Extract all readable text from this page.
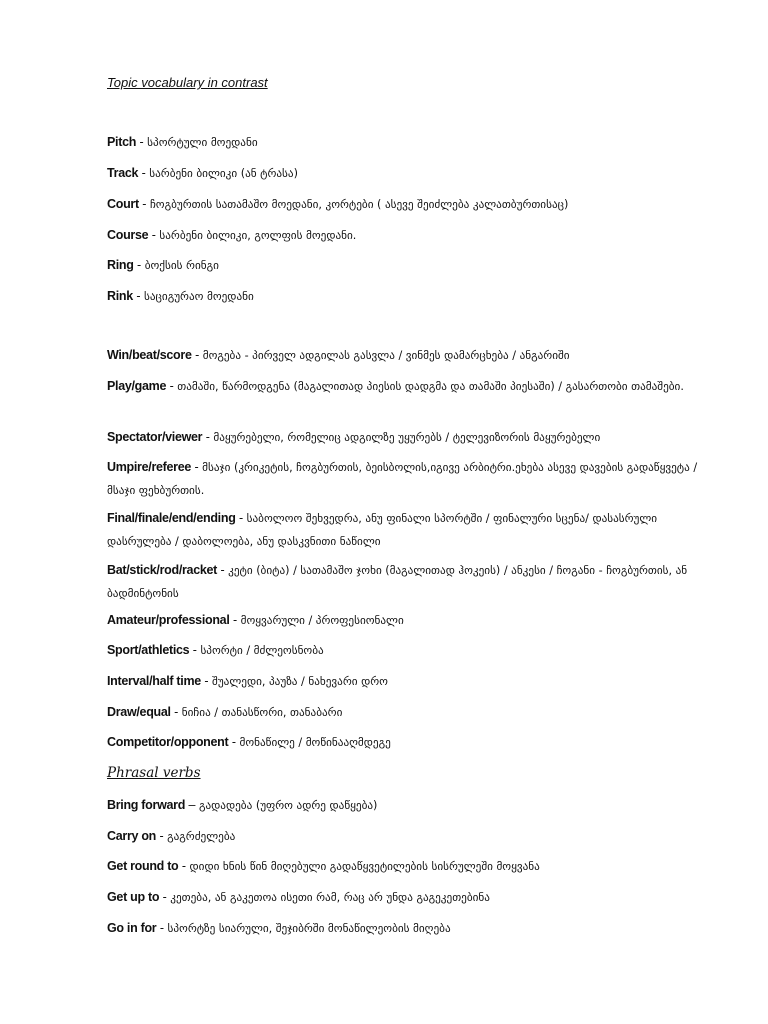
Topic vocabulary in contrast
Pitch - სპორტული მოედანი
Track - სარბენი ბილიკი (ან ტრასა)
Court - ჩოგბურთის სათამაშო მოედანი, კორტები ( ასევე შეიძლება კალათბურთისაც)
Course - სარბენი ბილიკი, გოლფის მოედანი.
Ring - ბოქსის რინგი
Rink - საციგურაო მოედანი
Win/beat/score - მოგება - პირველ ადგილას გასვლა / ვინმეს დამარცხება / ანგარიში
Play/game - თამაში, წარმოდგენა (მაგალითად პიესის დადგმა და თამაში პიესაში) / გასართობი თამაშები.
Spectator/viewer - მაყურებელი, რომელიც ადგილზე უყურებს / ტელევიზორის მაყურებელი
Umpire/referee - მსაჯი (კრიკეტის, ჩოგბურთის, ბეისბოლის,იგივე არბიტრი.ეხება ასევე დავების გადაწყვეტა / მსაჯი ფეხბურთის.
Final/finale/end/ending - საბოლოო შეხვედრა, ანუ ფინალი სპორტში / ფინალური სცენა/ დასასრული დასრულება / დაბოლოება, ანუ დასკვნითი ნაწილი
Bat/stick/rod/racket - კეტი (ბიტა) / სათამაშო ჯოხი (მაგალითად ჰოკეის) / ანკესი / ჩოგანი - ჩოგბურთის, ან ბადმინტონის
Amateur/professional - მოყვარული / პროფესიონალი
Sport/athletics - სპორტი / მძლეოსნობა
Interval/half time - შუალედი, პაუზა / ნახევარი დრო
Draw/equal - ნიჩია / თანასწორი, თანაბარი
Competitor/opponent - მონაწილე / მოწინააღმდეგე
Phrasal verbs
Bring forward – გადადება (უფრო ადრე დაწყება)
Carry on - გაგრძელება
Get round to - დიდი ხნის წინ მიღებული გადაწყვეტილების სისრულეში მოყვანა
Get up to - კეთება, ან გაკეთოა ისეთი რამ, რაც არ უნდა გაგეკეთებინა
Go in for - სპორტზე სიარული, შეჯიბრში მონაწილეობის მიღება
